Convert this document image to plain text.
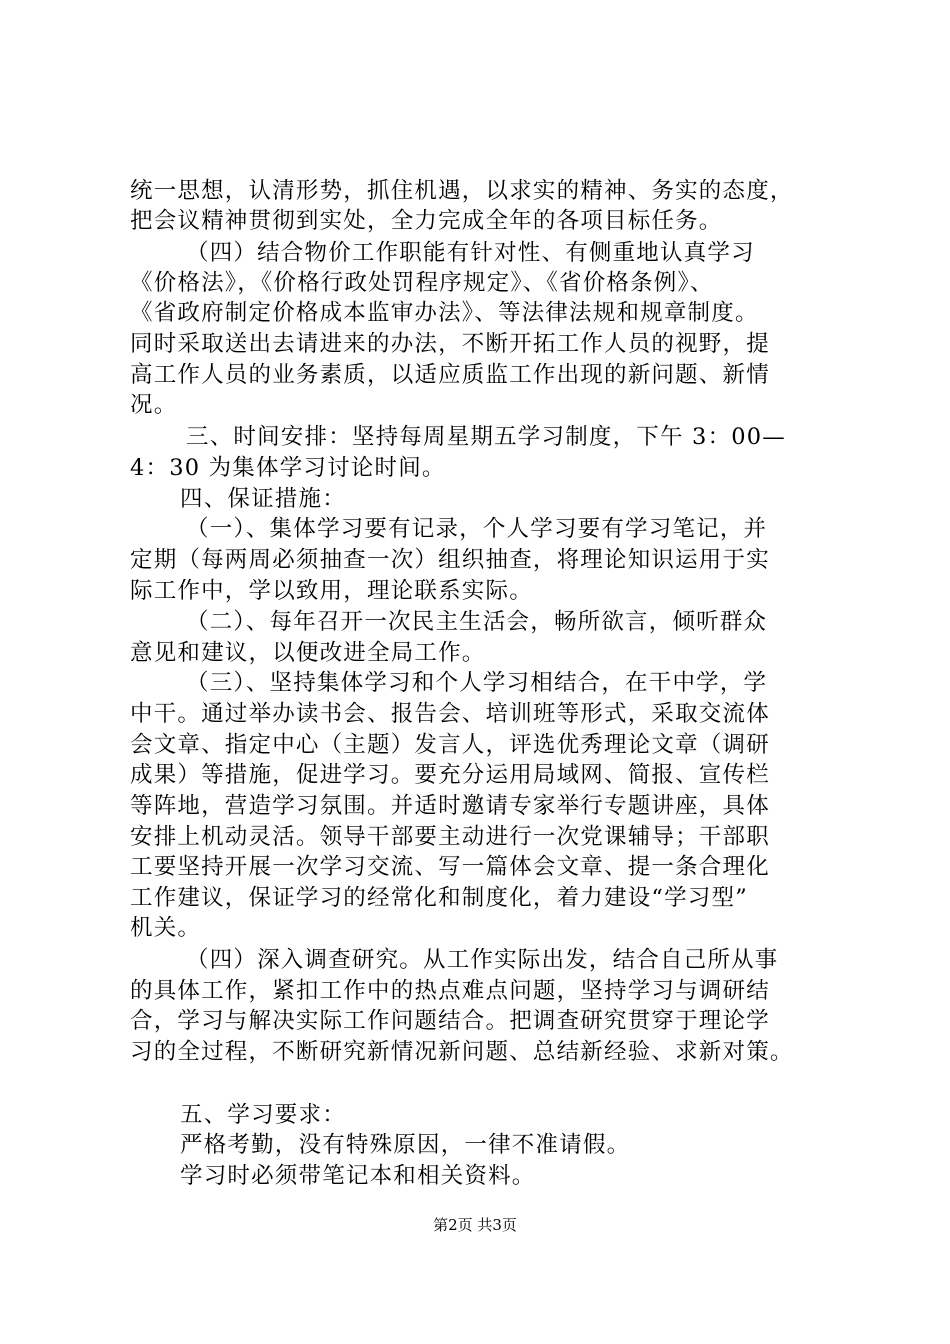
统一思想，认清形势，抓住机遇，以求实的精神、务实的态度，
把会议精神贯彻到实处，全力完成全年的各项目标任务。
（四）结合物价工作职能有针对性、有侧重地认真学习
《价格法》，《价格行政处罚程序规定》、《省价格条例》、
《省政府制定价格成本监审办法》、等法律法规和规章制度。
同时采取送出去请进来的办法，不断开拓工作人员的视野，提
高工作人员的业务素质，以适应质监工作出现的新问题、新情
况。
三、时间安排：坚持每周星期五学习制度，下午 3：00—
4：30 为集体学习讨论时间。
四、保证措施：
（一）、集体学习要有记录，个人学习要有学习笔记，并
定期（每两周必须抽查一次）组织抽查，将理论知识运用于实
际工作中，学以致用，理论联系实际。
（二）、每年召开一次民主生活会，畅所欲言，倾听群众
意见和建议，以便改进全局工作。
（三）、坚持集体学习和个人学习相结合，在干中学，学
中干。通过举办读书会、报告会、培训班等形式，采取交流体
会文章、指定中心（主题）发言人，评选优秀理论文章（调研
成果）等措施，促进学习。要充分运用局域网、简报、宣传栏
等阵地，营造学习氛围。并适时邀请专家举行专题讲座，具体
安排上机动灵活。领导干部要主动进行一次党课辅导；干部职
工要坚持开展一次学习交流、写一篇体会文章、提一条合理化
工作建议，保证学习的经常化和制度化，着力建设“学习型”
机关。
（四）深入调查研究。从工作实际出发，结合自己所从事
的具体工作，紧扣工作中的热点难点问题，坚持学习与调研结
合，学习与解决实际工作问题结合。把调查研究贯穿于理论学
习的全过程，不断研究新情况新问题、总结新经验、求新对策。
五、学习要求：
严格考勤，没有特殊原因，一律不准请假。
学习时必须带笔记本和相关资料。
第2页 共3页
